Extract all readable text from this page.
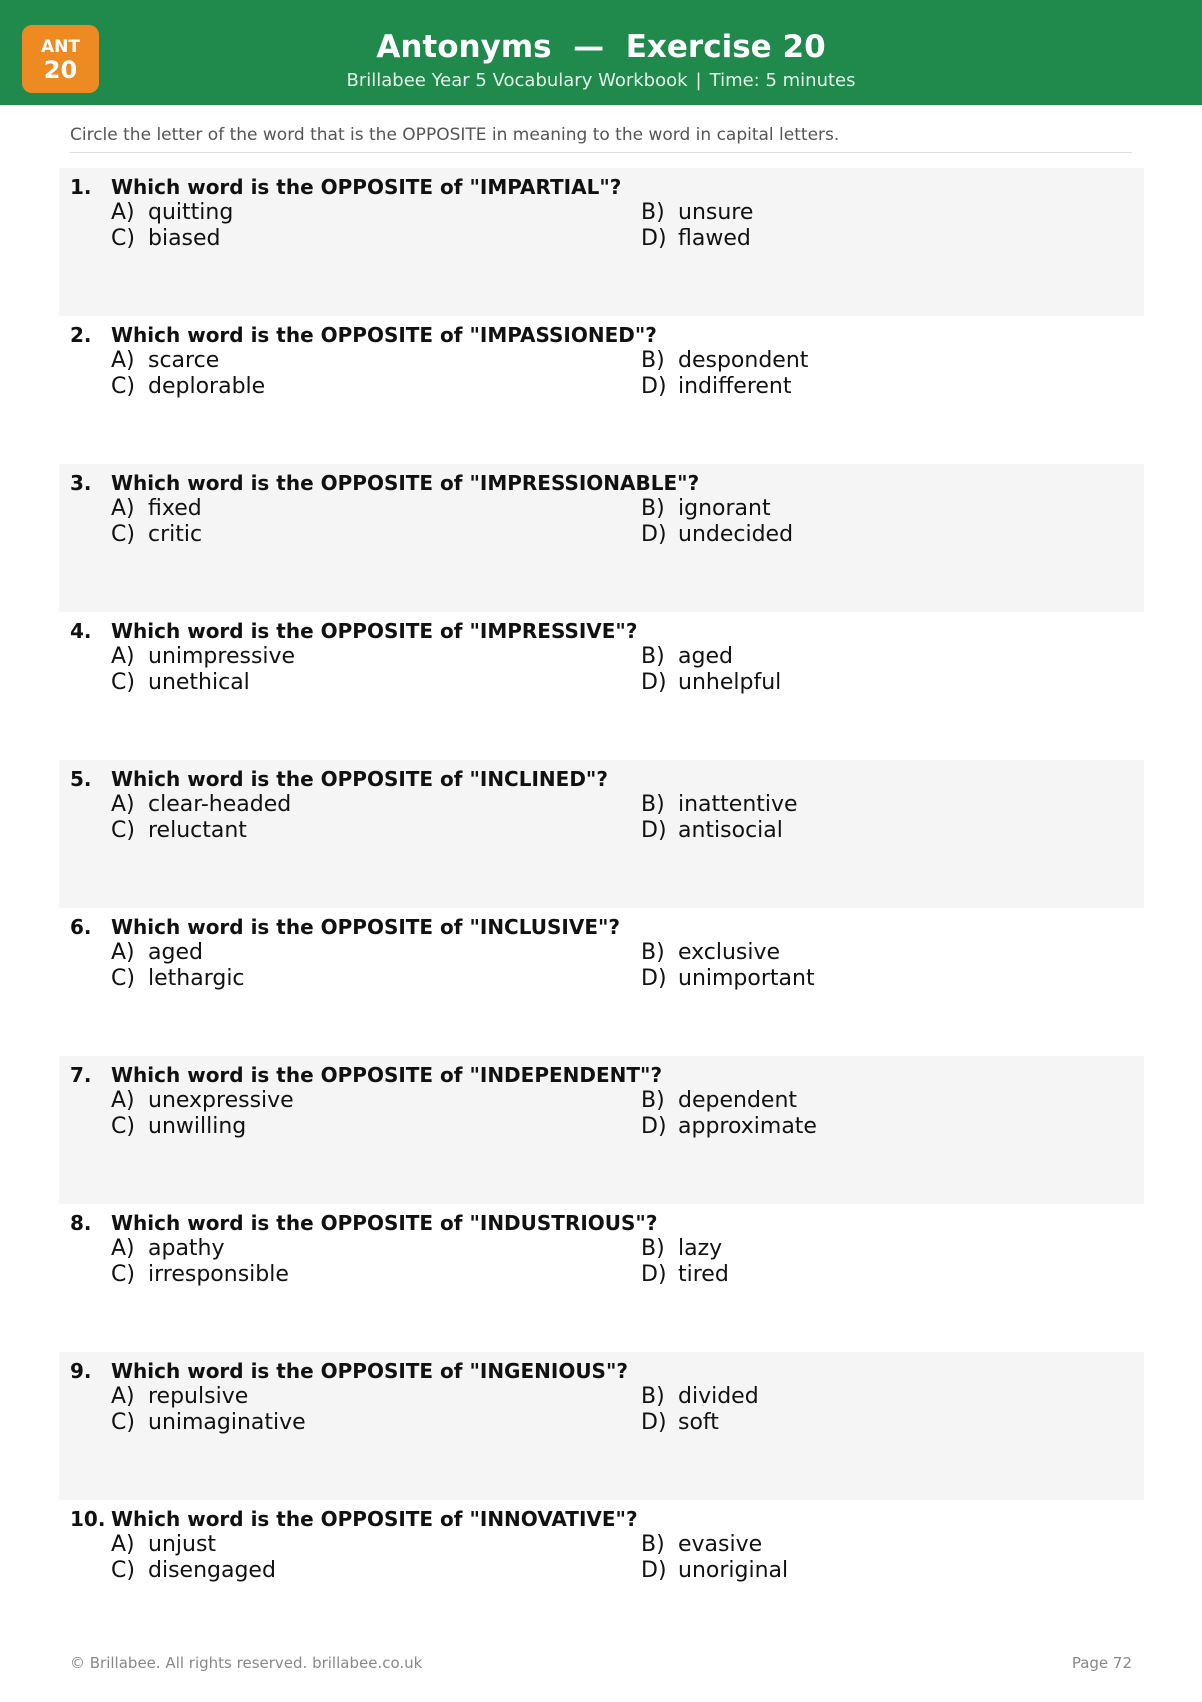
ANT
20
Antonyms  —  Exercise 20
Brillabee Year 5 Vocabulary Workbook | Time: 5 minutes
Circle the letter of the word that is the OPPOSITE in meaning to the word in capital letters.
1. Which word is the OPPOSITE of "IMPARTIAL"?
A) quitting
C) biased
B) unsure
D) flawed
2. Which word is the OPPOSITE of "IMPASSIONED"?
A) scarce
C) deplorable
B) despondent
D) indifferent
3. Which word is the OPPOSITE of "IMPRESSIONABLE"?
A) fixed
C) critic
B) ignorant
D) undecided
4. Which word is the OPPOSITE of "IMPRESSIVE"?
A) unimpressive
C) unethical
B) aged
D) unhelpful
5. Which word is the OPPOSITE of "INCLINED"?
A) clear-headed
C) reluctant
B) inattentive
D) antisocial
6. Which word is the OPPOSITE of "INCLUSIVE"?
A) aged
C) lethargic
B) exclusive
D) unimportant
7. Which word is the OPPOSITE of "INDEPENDENT"?
A) unexpressive
C) unwilling
B) dependent
D) approximate
8. Which word is the OPPOSITE of "INDUSTRIOUS"?
A) apathy
C) irresponsible
B) lazy
D) tired
9. Which word is the OPPOSITE of "INGENIOUS"?
A) repulsive
C) unimaginative
B) divided
D) soft
10. Which word is the OPPOSITE of "INNOVATIVE"?
A) unjust
C) disengaged
B) evasive
D) unoriginal
© Brillabee. All rights reserved. brillabee.co.uk	Page 72
